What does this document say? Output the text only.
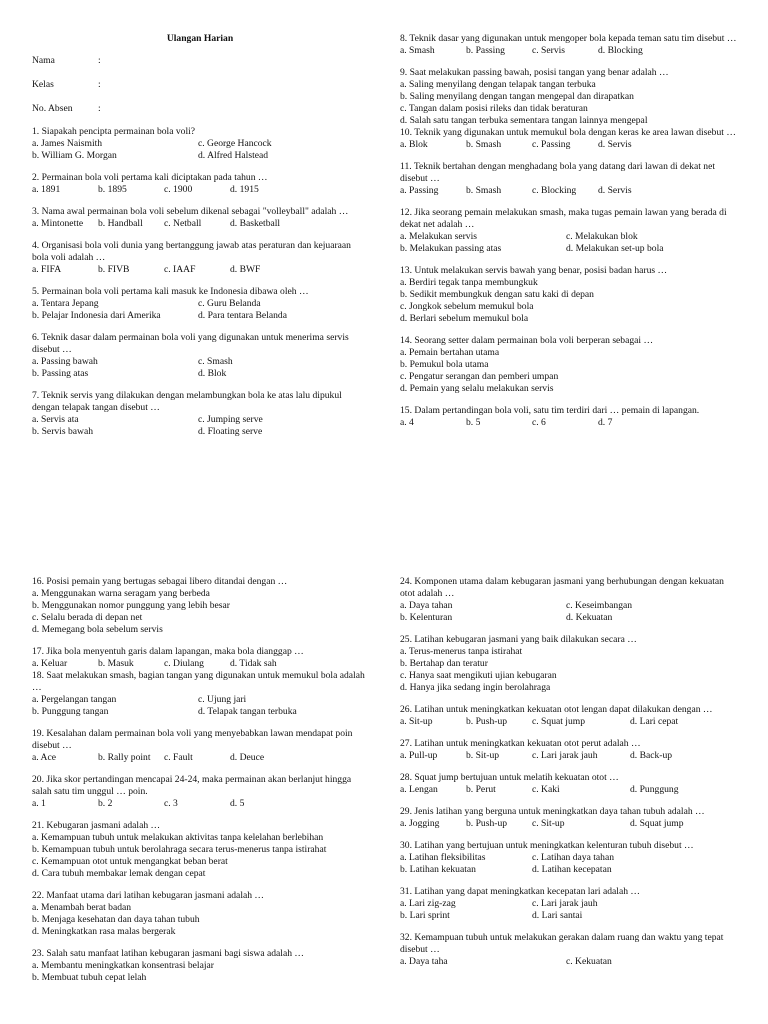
Ulangan Harian
Nama	:
Kelas	:
No. Absen	:
1. Siapakah pencipta permainan bola voli?
a. James Naismith	c. George Hancock
b. William G. Morgan	d. Alfred Halstead
2. Permainan bola voli pertama kali diciptakan pada tahun …
a. 1891	b. 1895	c. 1900	d. 1915
3. Nama awal permainan bola voli sebelum dikenal sebagai "volleyball" adalah …
a. Mintonette b. Handball c. Netball	d. Basketball
4. Organisasi bola voli dunia yang bertanggung jawab atas peraturan dan kejuaraan bola voli adalah …
a. FIFA	b. FIVB	c. IAAF	d. BWF
5. Permainan bola voli pertama kali masuk ke Indonesia dibawa oleh …
a. Tentara Jepang	c. Guru Belanda
b. Pelajar Indonesia dari Amerika	d. Para tentara Belanda
6. Teknik dasar dalam permainan bola voli yang digunakan untuk menerima servis disebut …
a. Passing bawah	c. Smash
b. Passing atas	d. Blok
7. Teknik servis yang dilakukan dengan melambungkan bola ke atas lalu dipukul dengan telapak tangan disebut …
a. Servis ata	c. Jumping serve
b. Servis bawah	d. Floating serve
8. Teknik dasar yang digunakan untuk mengoper bola kepada teman satu tim disebut …
a. Smash	b. Passing	c. Servis	d. Blocking
9. Saat melakukan passing bawah, posisi tangan yang benar adalah …
a. Saling menyilang dengan telapak tangan terbuka
b. Saling menyilang dengan tangan mengepal dan dirapatkan
c. Tangan dalam posisi rileks dan tidak beraturan
d. Salah satu tangan terbuka sementara tangan lainnya mengepal
10. Teknik yang digunakan untuk memukul bola dengan keras ke area lawan disebut …
a. Blok	b. Smash	c. Passing	d. Servis
11. Teknik bertahan dengan menghadang bola yang datang dari lawan di dekat net disebut …
a. Passing	b. Smash	c. Blocking d. Servis
12. Jika seorang pemain melakukan smash, maka tugas pemain lawan yang berada di dekat net adalah …
a. Melakukan servis	c. Melakukan blok
b. Melakukan passing atas	d. Melakukan set-up bola
13. Untuk melakukan servis bawah yang benar, posisi badan harus …
a. Berdiri tegak tanpa membungkuk
b. Sedikit membungkuk dengan satu kaki di depan
c. Jongkok sebelum memukul bola
d. Berlari sebelum memukul bola
14. Seorang setter dalam permainan bola voli berperan sebagai …
a. Pemain bertahan utama
b. Pemukul bola utama
c. Pengatur serangan dan pemberi umpan
d. Pemain yang selalu melakukan servis
15. Dalam pertandingan bola voli, satu tim terdiri dari … pemain di lapangan.
a. 4	b. 5	c. 6	d. 7
16. Posisi pemain yang bertugas sebagai libero ditandai dengan …
a. Menggunakan warna seragam yang berbeda
b. Menggunakan nomor punggung yang lebih besar
c. Selalu berada di depan net
d. Memegang bola sebelum servis
17. Jika bola menyentuh garis dalam lapangan, maka bola dianggap …
a. Keluar	b. Masuk	c. Diulang	d. Tidak sah
18. Saat melakukan smash, bagian tangan yang digunakan untuk memukul bola adalah …
a. Pergelangan tangan	c. Ujung jari
b. Punggung tangan	d. Telapak tangan terbuka
19. Kesalahan dalam permainan bola voli yang menyebabkan lawan mendapat poin disebut …
a. Ace	b. Rally point c. Fault	d. Deuce
20. Jika skor pertandingan mencapai 24-24, maka permainan akan berlanjut hingga salah satu tim unggul … poin.
a. 1	b. 2	c. 3	d. 5
21. Kebugaran jasmani adalah …
a. Kemampuan tubuh untuk melakukan aktivitas tanpa kelelahan berlebihan
b. Kemampuan tubuh untuk berolahraga secara terus-menerus tanpa istirahat
c. Kemampuan otot untuk mengangkat beban berat
d. Cara tubuh membakar lemak dengan cepat
22. Manfaat utama dari latihan kebugaran jasmani adalah …
a. Menambah berat badan
b. Menjaga kesehatan dan daya tahan tubuh
d. Meningkatkan rasa malas bergerak
23. Salah satu manfaat latihan kebugaran jasmani bagi siswa adalah …
a. Membantu meningkatkan konsentrasi belajar
b. Membuat tubuh cepat lelah
24. Komponen utama dalam kebugaran jasmani yang berhubungan dengan kekuatan otot adalah …
a. Daya tahan	c. Keseimbangan
b. Kelenturan	d. Kekuatan
25. Latihan kebugaran jasmani yang baik dilakukan secara …
a. Terus-menerus tanpa istirahat
b. Bertahap dan teratur
c. Hanya saat mengikuti ujian kebugaran
d. Hanya jika sedang ingin berolahraga
26. Latihan untuk meningkatkan kekuatan otot lengan dapat dilakukan dengan …
a. Sit-up	b. Push-up	c. Squat jump	d. Lari cepat
27. Latihan untuk meningkatkan kekuatan otot perut adalah …
a. Pull-up	b. Sit-up	c. Lari jarak jauh	d. Back-up
28. Squat jump bertujuan untuk melatih kekuatan otot …
a. Lengan	b. Perut	c. Kaki	d. Punggung
29. Jenis latihan yang berguna untuk meningkatkan daya tahan tubuh adalah …
a. Jogging	b. Push-up	c. Sit-up	d. Squat jump
30. Latihan yang bertujuan untuk meningkatkan kelenturan tubuh disebut …
a. Latihan fleksibilitas	c. Latihan daya tahan
b. Latihan kekuatan	d. Latihan kecepatan
31. Latihan yang dapat meningkatkan kecepatan lari adalah …
a. Lari zig-zag	c. Lari jarak jauh
b. Lari sprint	d. Lari santai
32. Kemampuan tubuh untuk melakukan gerakan dalam ruang dan waktu yang tepat disebut …
a. Daya taha	c. Kekuatan
